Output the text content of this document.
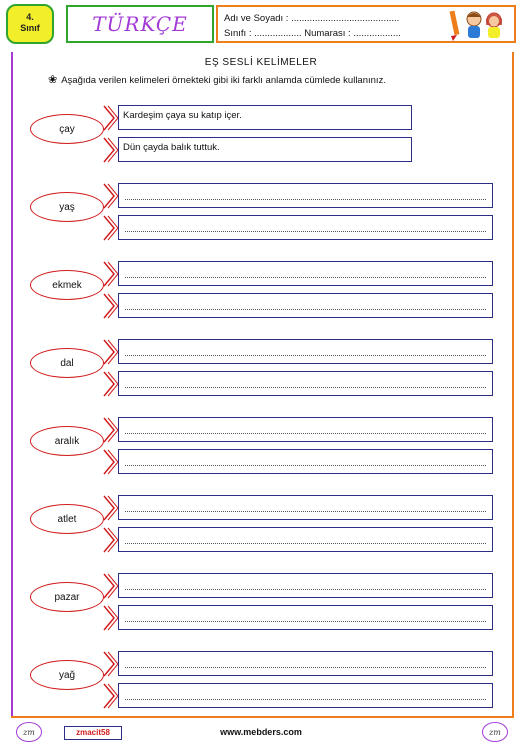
4.
Sınıf	TÜRKÇE	Adı ve Soyadı : .........................................
Sınıfı : .................. Numarası : ..................
EŞ SESLİ KELİMELER
❀ Aşağıda verilen kelimeleri örnekteki gibi iki farklı anlamda cümlede kullanınız.
çay
Kardeşim çaya su katıp içer.
Dün çayda balık tuttuk.
yaş
ekmek
dal
aralık
atlet
pazar
yağ
zm	zmacit58	www.mebders.com	zm
